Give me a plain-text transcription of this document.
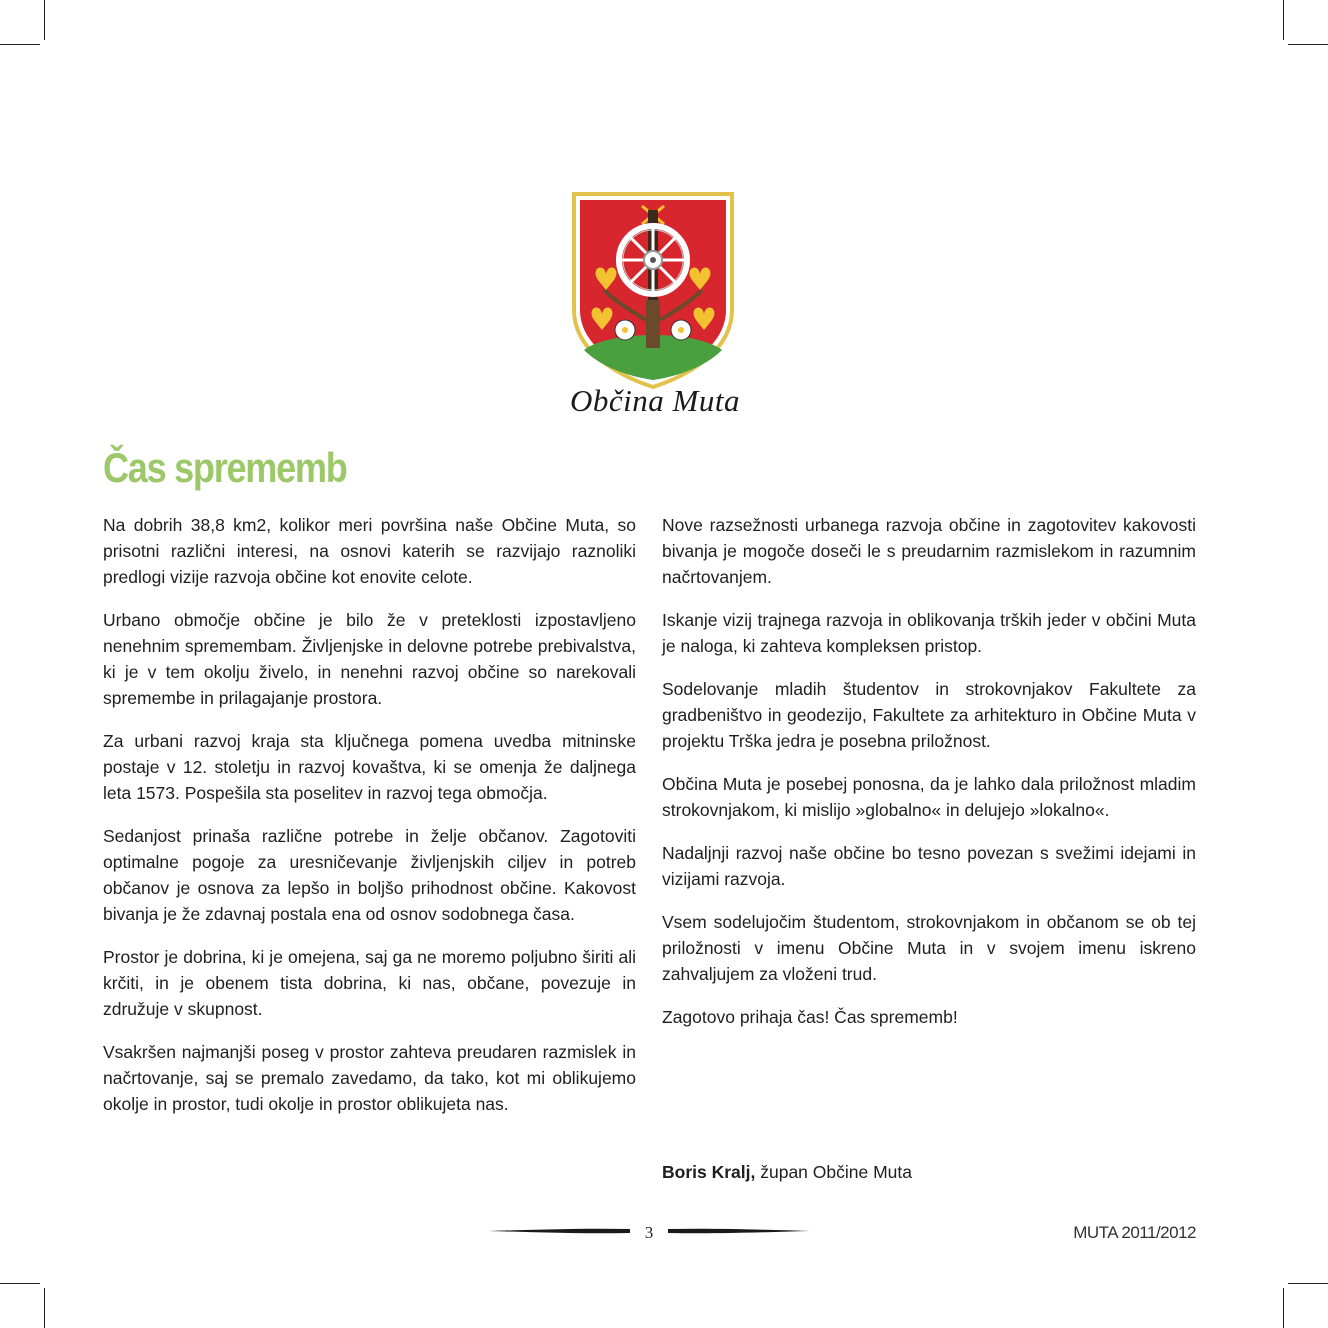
Občina Muta
Čas sprememb

Na dobrih 38,8 km2, kolikor meri površina naše Občine Muta, so prisotni različni interesi, na osnovi katerih se razvijajo raznoliki predlogi vizije razvoja občine kot enovite celote.

Urbano območje občine je bilo že v preteklosti izpostavljeno nenehnim spremembam. Življenjske in delovne potrebe prebivalstva, ki je v tem okolju živelo, in nenehni razvoj občine so narekovali spremembe in prilagajanje prostora.

Za urbani razvoj kraja sta ključnega pomena uvedba mitninske postaje v 12. stoletju in razvoj kovaštva, ki se omenja že daljnega leta 1573. Pospešila sta poselitev in razvoj tega območja.

Sedanjost prinaša različne potrebe in želje občanov. Zagotoviti optimalne pogoje za uresničevanje življenjskih ciljev in potreb občanov je osnova za lepšo in boljšo prihodnost občine. Kakovost bivanja je že zdavnaj postala ena od osnov sodobnega časa.

Prostor je dobrina, ki je omejena, saj ga ne moremo poljubno širiti ali krčiti, in je obenem tista dobrina, ki nas, občane, povezuje in združuje v skupnost.

Vsakršen najmanjši poseg v prostor zahteva preudaren razmislek in načrtovanje, saj se premalo zavedamo, da tako, kot mi oblikujemo okolje in prostor, tudi okolje in prostor oblikujeta nas.

Nove razsežnosti urbanega razvoja občine in zagotovitev kakovosti bivanja je mogoče doseči le s preudarnim razmislekom in razumnim načrtovanjem.

Iskanje vizij trajnega razvoja in oblikovanja trških jeder v občini Muta je naloga, ki zahteva kompleksen pristop.

Sodelovanje mladih študentov in strokovnjakov Fakultete za gradbeništvo in geodezijo, Fakultete za arhitekturo in Občine Muta v projektu Trška jedra je posebna priložnost.

Občina Muta je posebej ponosna, da je lahko dala priložnost mladim strokovnjakom, ki mislijo »globalno« in delujejo »lokalno«.

Nadaljnji razvoj naše občine bo tesno povezan s svežimi idejami in vizijami razvoja.

Vsem sodelujočim študentom, strokovnjakom in občanom se ob tej priložnosti v imenu Občine Muta in v svojem imenu iskreno zahvaljujem za vloženi trud.

Zagotovo prihaja čas! Čas sprememb!

Boris Kralj, župan Občine Muta
3	MUTA 2011/2012
